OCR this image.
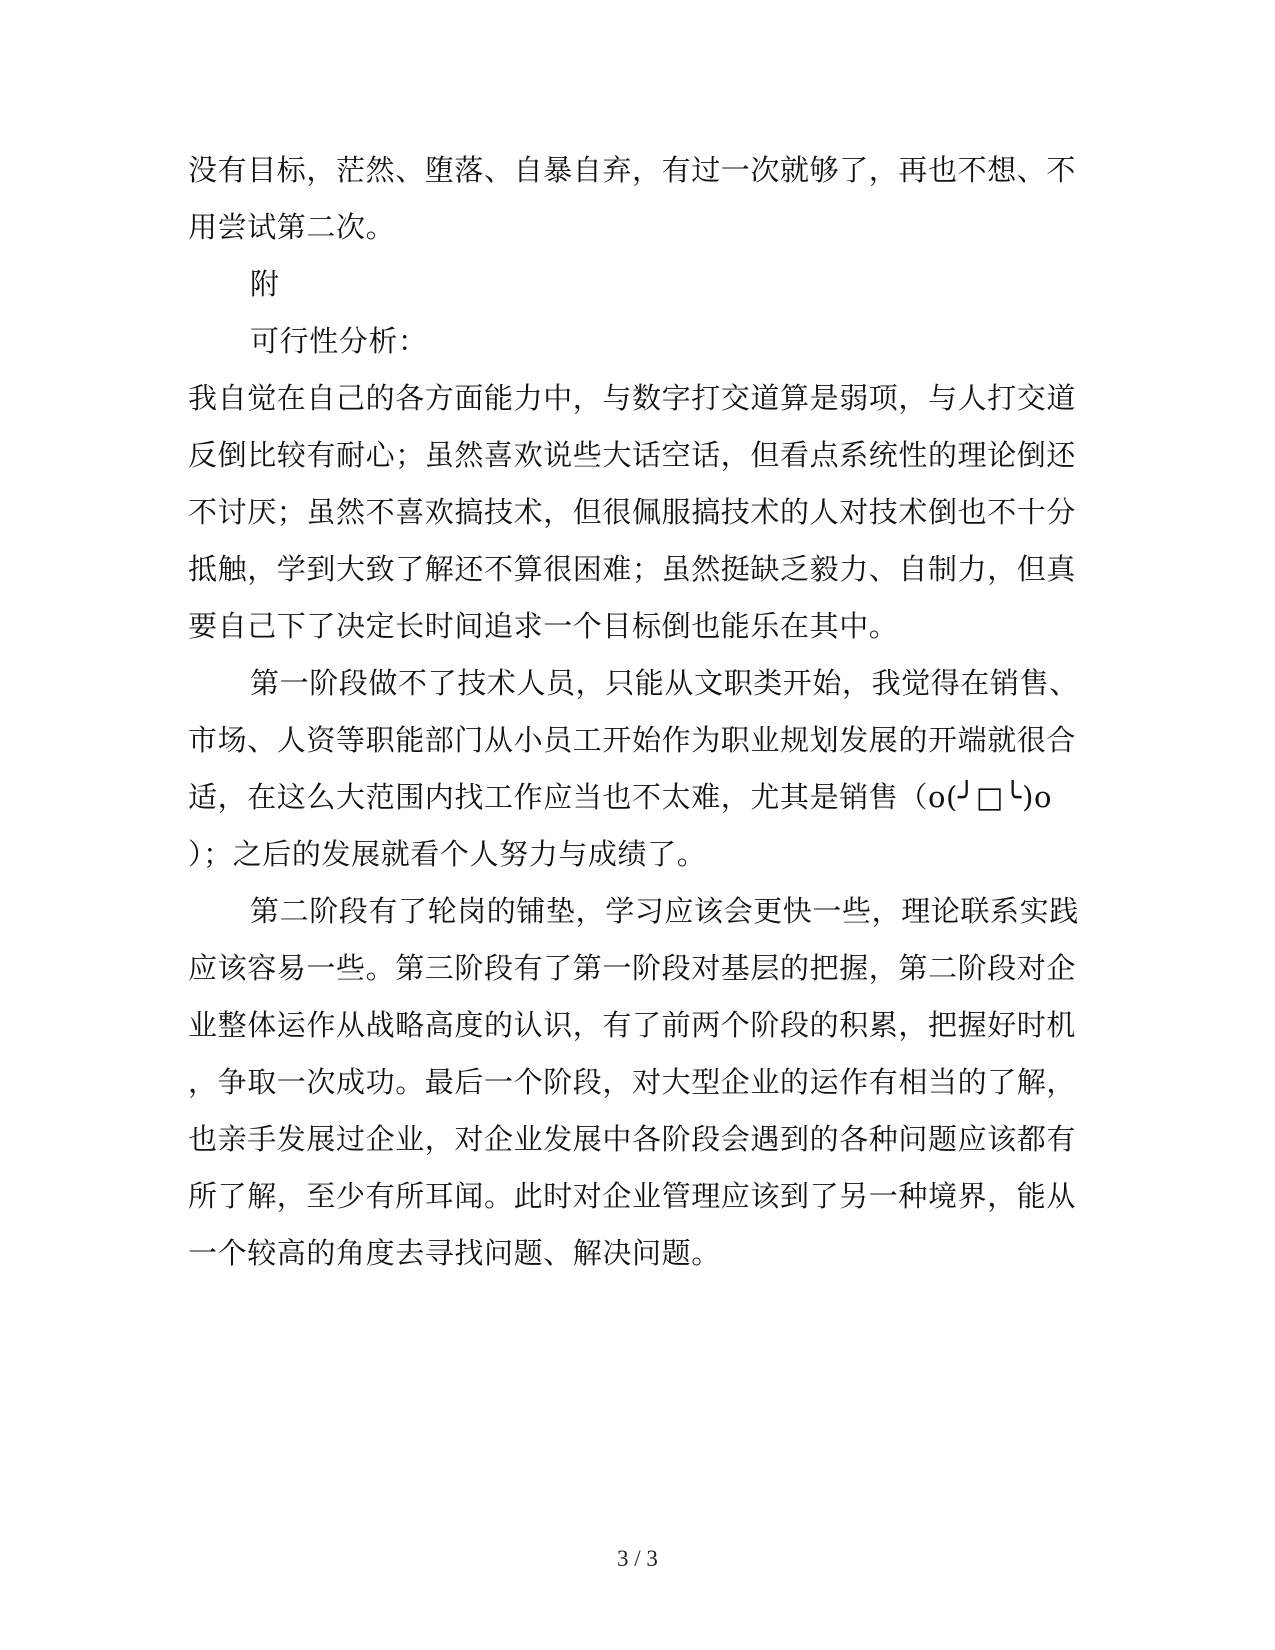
没有目标，茫然、堕落、自暴自弃，有过一次就够了，再也不想、不
用尝试第二次。
附
可行性分析：
我自觉在自己的各方面能力中，与数字打交道算是弱项，与人打交道
反倒比较有耐心；虽然喜欢说些大话空话，但看点系统性的理论倒还
不讨厌；虽然不喜欢搞技术，但很佩服搞技术的人对技术倒也不十分
抵触，学到大致了解还不算很困难；虽然挺缺乏毅力、自制力，但真
要自己下了决定长时间追求一个目标倒也能乐在其中。
第一阶段做不了技术人员，只能从文职类开始，我觉得在销售、
市场、人资等职能部门从小员工开始作为职业规划发展的开端就很合
适，在这么大范围内找工作应当也不太难，尤其是销售（o(╯□╰)o
）；之后的发展就看个人努力与成绩了。
第二阶段有了轮岗的铺垫，学习应该会更快一些，理论联系实践
应该容易一些。第三阶段有了第一阶段对基层的把握，第二阶段对企
业整体运作从战略高度的认识，有了前两个阶段的积累，把握好时机
，争取一次成功。最后一个阶段，对大型企业的运作有相当的了解，
也亲手发展过企业，对企业发展中各阶段会遇到的各种问题应该都有
所了解，至少有所耳闻。此时对企业管理应该到了另一种境界，能从
一个较高的角度去寻找问题、解决问题。
3 / 3
